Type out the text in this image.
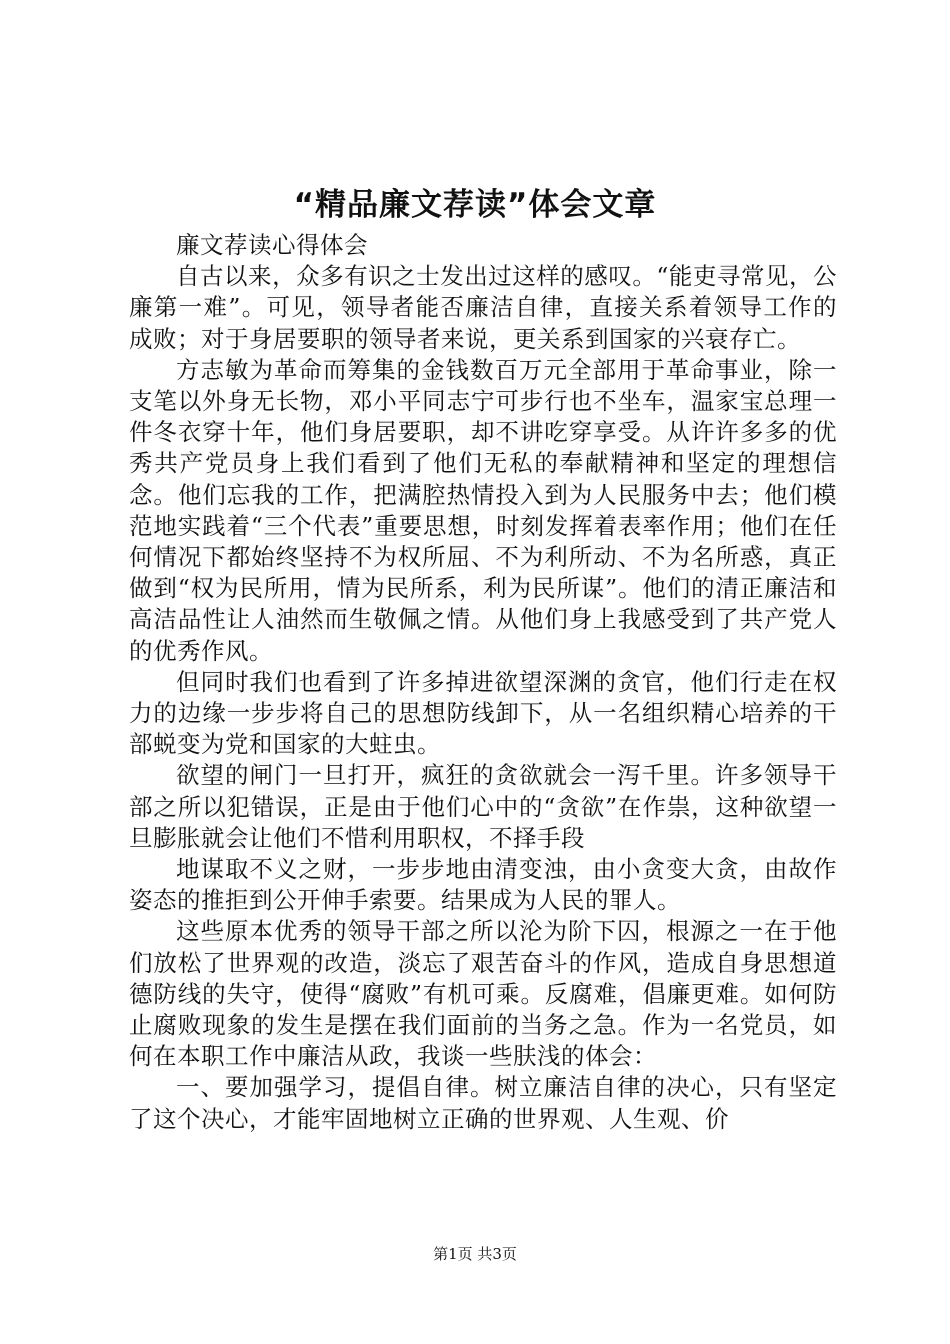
“精品廉文荐读”体会文章

廉文荐读心得体会

自古以来，众多有识之士发出过这样的感叹。“能吏寻常见，公廉第一难”。可见，领导者能否廉洁自律，直接关系着领导工作的成败；对于身居要职的领导者来说，更关系到国家的兴衰存亡。

方志敏为革命而筹集的金钱数百万元全部用于革命事业，除一支笔以外身无长物，邓小平同志宁可步行也不坐车，温家宝总理一件冬衣穿十年，他们身居要职，却不讲吃穿享受。从许许多多的优秀共产党员身上我们看到了他们无私的奉献精神和坚定的理想信念。他们忘我的工作，把满腔热情投入到为人民服务中去；他们模范地实践着“三个代表”重要思想，时刻发挥着表率作用；他们在任何情况下都始终坚持不为权所屈、不为利所动、不为名所惑，真正做到“权为民所用，情为民所系，利为民所谋”。他们的清正廉洁和高洁品性让人油然而生敬佩之情。从他们身上我感受到了共产党人的优秀作风。

但同时我们也看到了许多掉进欲望深渊的贪官，他们行走在权力的边缘一步步将自己的思想防线卸下，从一名组织精心培养的干部蜕变为党和国家的大蛀虫。

欲望的闸门一旦打开，疯狂的贪欲就会一泻千里。许多领导干部之所以犯错误，正是由于他们心中的“贪欲”在作祟，这种欲望一旦膨胀就会让他们不惜利用职权，不择手段

地谋取不义之财，一步步地由清变浊，由小贪变大贪，由故作姿态的推拒到公开伸手索要。结果成为人民的罪人。

这些原本优秀的领导干部之所以沦为阶下囚，根源之一在于他们放松了世界观的改造，淡忘了艰苦奋斗的作风，造成自身思想道德防线的失守，使得“腐败”有机可乘。反腐难，倡廉更难。如何防止腐败现象的发生是摆在我们面前的当务之急。作为一名党员，如何在本职工作中廉洁从政，我谈一些肤浅的体会：

一、要加强学习，提倡自律。树立廉洁自律的决心，只有坚定了这个决心，才能牢固地树立正确的世界观、人生观、价

第1页 共3页
